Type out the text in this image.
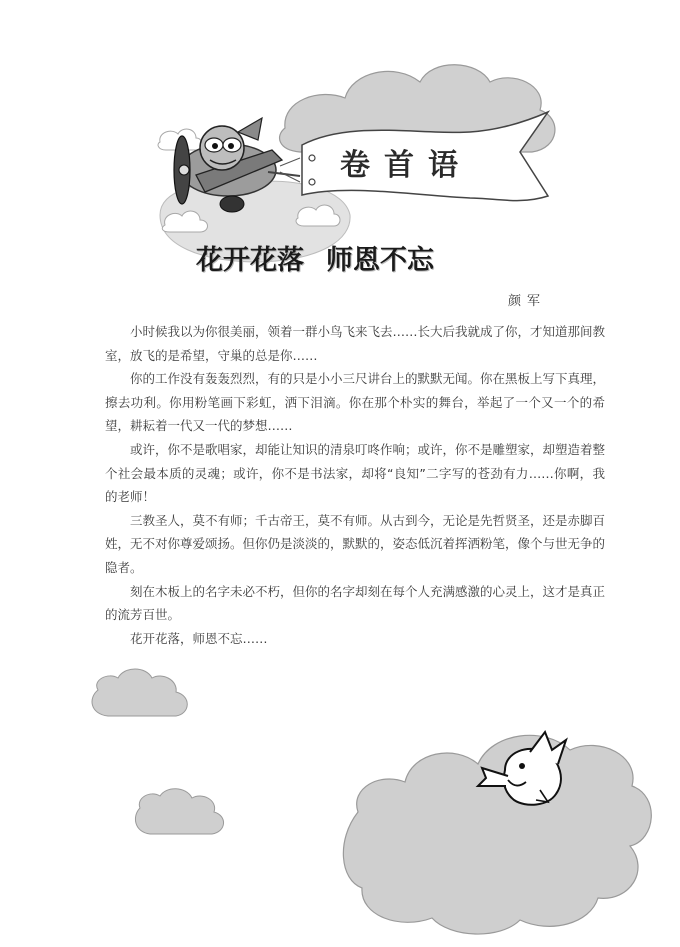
卷首语
花开花落 师恩不忘
颜军

小时候我以为你很美丽，领着一群小鸟飞来飞去……长大后我就成了你，才知道那间教室，放飞的是希望，守巢的总是你……

你的工作没有轰轰烈烈，有的只是小小三尺讲台上的默默无闻。你在黑板上写下真理，擦去功利。你用粉笔画下彩虹，洒下泪滴。你在那个朴实的舞台，举起了一个又一个的希望，耕耘着一代又一代的梦想……

或许，你不是歌唱家，却能让知识的清泉叮咚作响；或许，你不是雕塑家，却塑造着整个社会最本质的灵魂；或许，你不是书法家，却将“良知”二字写的苍劲有力……你啊，我的老师！

三教圣人，莫不有师；千古帝王，莫不有师。从古到今，无论是先哲贤圣，还是赤脚百姓，无不对你尊爱颂扬。但你仍是淡淡的，默默的，姿态低沉着挥洒粉笔，像个与世无争的隐者。

刻在木板上的名字未必不朽，但你的名字却刻在每个人充满感激的心灵上，这才是真正的流芳百世。

花开花落，师恩不忘……
